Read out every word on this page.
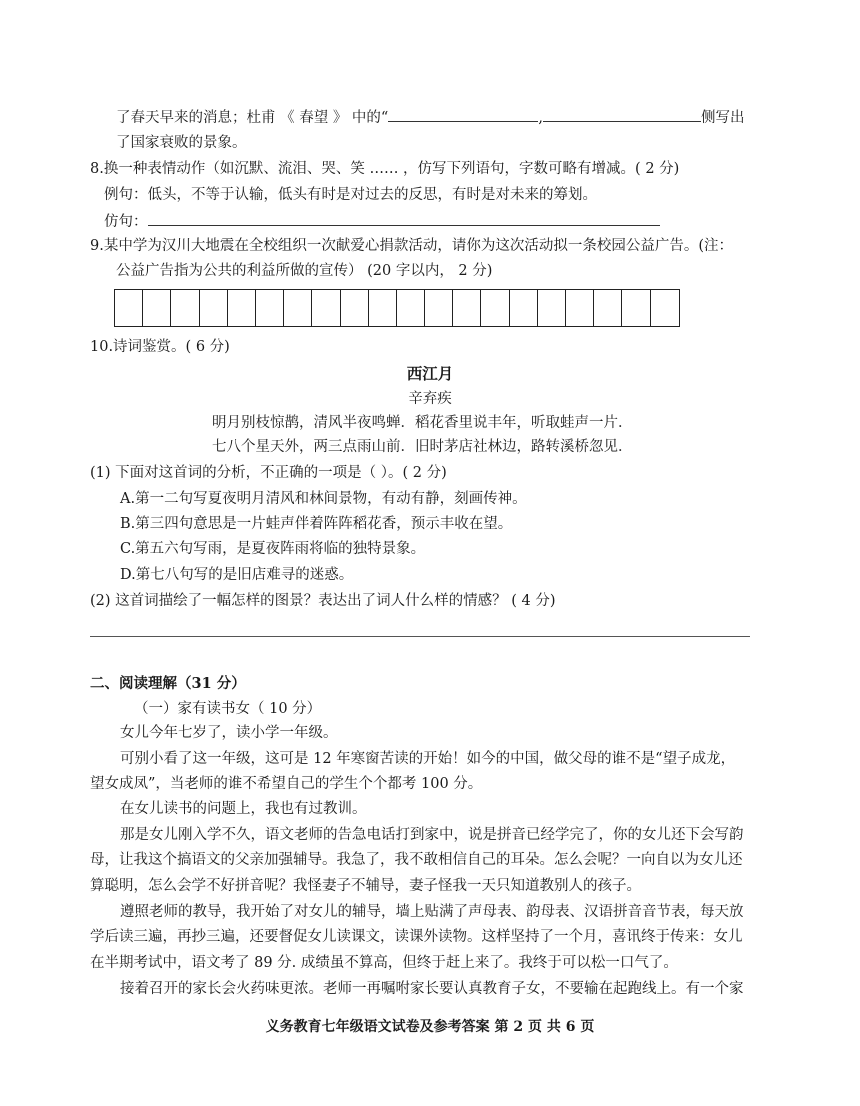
了春天早来的消息；杜甫 《 春望 》 中的“	,	侧写出
了国家衰败的景象。
8.换一种表情动作（如沉默、流泪、哭、笑 …… ，仿写下列语句，字数可略有增减。( 2 分)
例句：低头，不等于认输，低头有时是对过去的反思，有时是对未来的筹划。
仿句：
9.某中学为汉川大地震在全校组织一次献爱心捐款活动，请你为这次活动拟一条校园公益广告。(注：
公益广告指为公共的利益所做的宣传） (20 字以内， 2 分)
10.诗词鉴赏。( 6 分)
西江月
辛弃疾
明月别枝惊鹊，清风半夜鸣蝉．稻花香里说丰年，听取蛙声一片．
七八个星天外，两三点雨山前．旧时茅店社林边，路转溪桥忽见．
(1) 下面对这首词的分析，不正确的一项是（ ）。( 2 分)
A.第一二句写夏夜明月清风和林间景物，有动有静，刻画传神。
B.第三四句意思是一片蛙声伴着阵阵稻花香，预示丰收在望。
C.第五六句写雨，是夏夜阵雨将临的独特景象。
D.第七八句写的是旧店难寻的迷惑。
(2) 这首词描绘了一幅怎样的图景？表达出了词人什么样的情感？ ( 4 分)
二、阅读理解（31 分）
（一）家有读书女（ 10 分）
女儿今年七岁了，读小学一年级。
可别小看了这一年级，这可是 12 年寒窗苦读的开始！如今的中国，做父母的谁不是“望子成龙，
望女成凤”，当老师的谁不希望自己的学生个个都考 100 分。
在女儿读书的问题上，我也有过教训。
那是女儿刚入学不久，语文老师的告急电话打到家中，说是拼音已经学完了，你的女儿还下会写韵
母，让我这个搞语文的父亲加强辅导。我急了，我不敢相信自己的耳朵。怎么会呢？一向自以为女儿还
算聪明，怎么会学不好拼音呢？我怪妻子不辅导，妻子怪我一天只知道教别人的孩子。
遵照老师的教导，我开始了对女儿的辅导，墙上贴满了声母表、韵母表、汉语拼音音节表，每天放
学后读三遍，再抄三遍，还要督促女儿读课文，读课外读物。这样坚持了一个月，喜讯终于传来：女儿
在半期考试中，语文考了 89 分. 成绩虽不算高，但终于赶上来了。我终于可以松一口气了。
接着召开的家长会火药味更浓。老师一再嘱咐家长要认真教育子女，不要输在起跑线上。有一个家
义务教育七年级语文试卷及参考答案 第 2 页 共 6 页
